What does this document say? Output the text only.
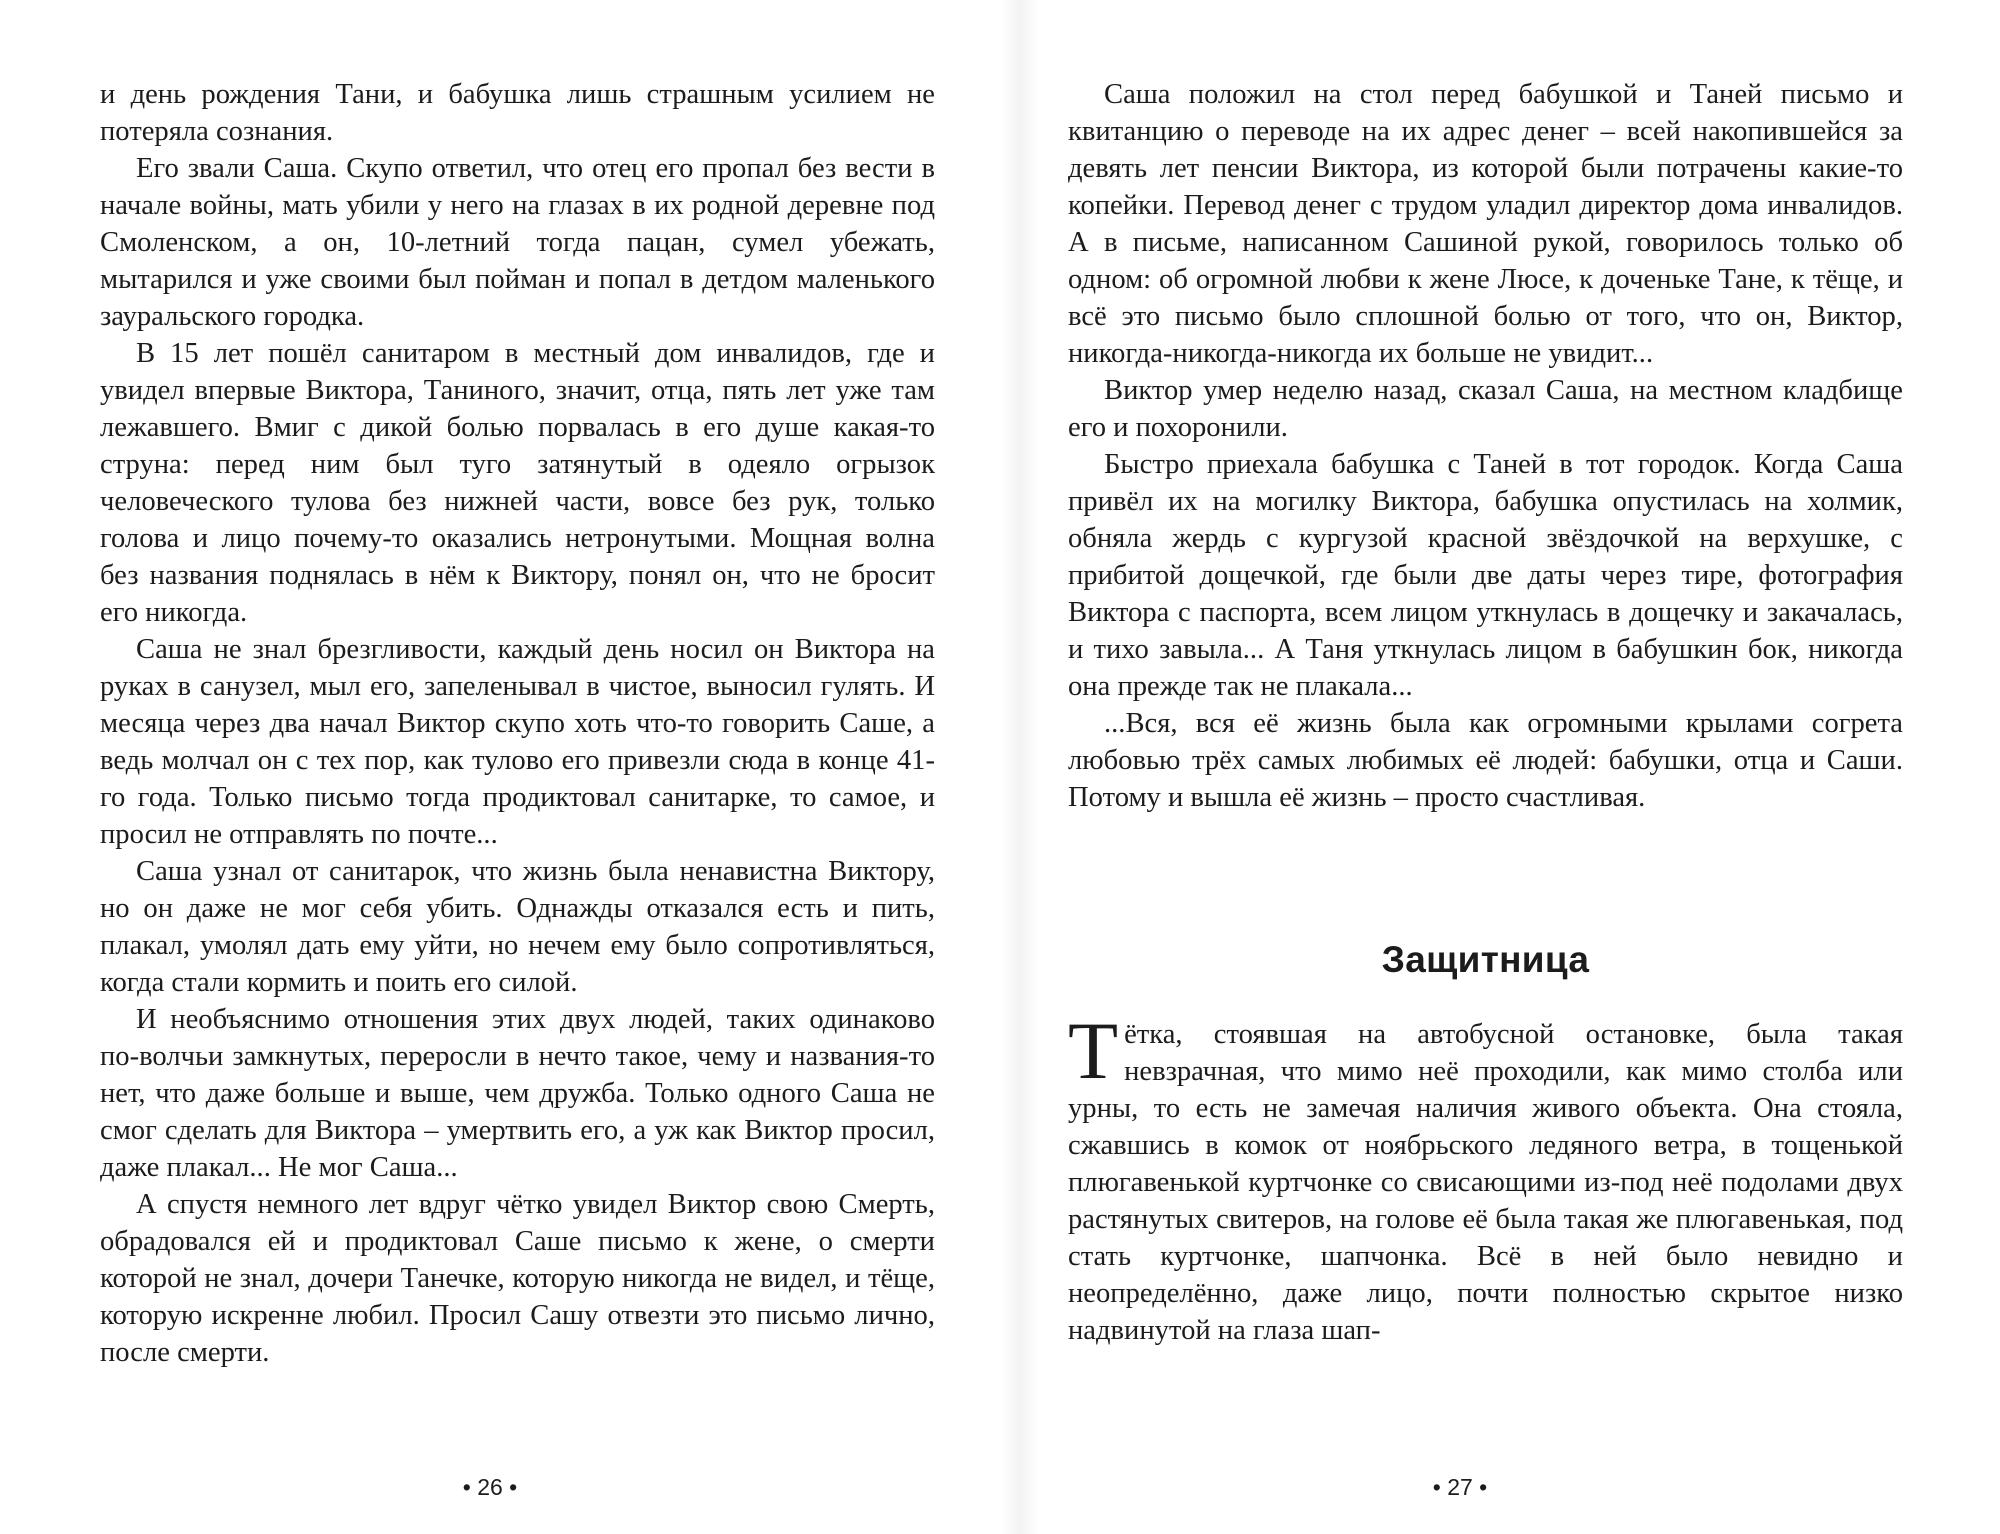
и день рождения Тани, и бабушка лишь страшным усилием не потеряла сознания.

Его звали Саша. Скупо ответил, что отец его пропал без вести в начале войны, мать убили у него на глазах в их родной деревне под Смоленском, а он, 10-летний тогда пацан, сумел убежать, мытарился и уже своими был пойман и попал в детдом маленького зауральского городка.

В 15 лет пошёл санитаром в местный дом инвалидов, где и увидел впервые Виктора, Таниного, значит, отца, пять лет уже там лежавшего. Вмиг с дикой болью порвалась в его душе какая-то струна: перед ним был туго затянутый в одеяло огрызок человеческого тулова без нижней части, вовсе без рук, только голова и лицо почему-то оказались нетронутыми. Мощная волна без названия поднялась в нём к Виктору, понял он, что не бросит его никогда.

Саша не знал брезгливости, каждый день носил он Виктора на руках в санузел, мыл его, запеленывал в чистое, выносил гулять. И месяца через два начал Виктор скупо хоть что-то говорить Саше, а ведь молчал он с тех пор, как тулово его привезли сюда в конце 41-го года. Только письмо тогда продиктовал санитарке, то самое, и просил не отправлять по почте...

Саша узнал от санитарок, что жизнь была ненавистна Виктору, но он даже не мог себя убить. Однажды отказался есть и пить, плакал, умолял дать ему уйти, но нечем ему было сопротивляться, когда стали кормить и поить его силой.

И необъяснимо отношения этих двух людей, таких одинаково по-волчьи замкнутых, переросли в нечто такое, чему и названия-то нет, что даже больше и выше, чем дружба. Только одного Саша не смог сделать для Виктора – умертвить его, а уж как Виктор просил, даже плакал... Не мог Саша...

А спустя немного лет вдруг чётко увидел Виктор свою Смерть, обрадовался ей и продиктовал Саше письмо к жене, о смерти которой не знал, дочери Танечке, которую никогда не видел, и тёще, которую искренне любил. Просил Сашу отвезти это письмо лично, после смерти.

• 26 •

Саша положил на стол перед бабушкой и Таней письмо и квитанцию о переводе на их адрес денег – всей накопившейся за девять лет пенсии Виктора, из которой были потрачены какие-то копейки. Перевод денег с трудом уладил директор дома инвалидов. А в письме, написанном Сашиной рукой, говорилось только об одном: об огромной любви к жене Люсе, к доченьке Тане, к тёще, и всё это письмо было сплошной болью от того, что он, Виктор, никогда-никогда-никогда их больше не увидит...

Виктор умер неделю назад, сказал Саша, на местном кладбище его и похоронили.

Быстро приехала бабушка с Таней в тот городок. Когда Саша привёл их на могилку Виктора, бабушка опустилась на холмик, обняла жердь с кургузой красной звёздочкой на верхушке, с прибитой дощечкой, где были две даты через тире, фотография Виктора с паспорта, всем лицом уткнулась в дощечку и закачалась, и тихо завыла... А Таня уткнулась лицом в бабушкин бок, никогда она прежде так не плакала...

...Вся, вся её жизнь была как огромными крылами согрета любовью трёх самых любимых её людей: бабушки, отца и Саши. Потому и вышла её жизнь – просто счастливая.

Защитница

Тётка, стоявшая на автобусной остановке, была такая невзрачная, что мимо неё проходили, как мимо столба или урны, то есть не замечая наличия живого объекта. Она стояла, сжавшись в комок от ноябрьского ледяного ветра, в тощенькой плюгавенькой куртчонке со свисающими из-под неё подолами двух растянутых свитеров, на голове её была такая же плюгавенькая, под стать куртчонке, шапчонка. Всё в ней было невидно и неопределённо, даже лицо, почти полностью скрытое низко надвинутой на глаза шап-

• 27 •
